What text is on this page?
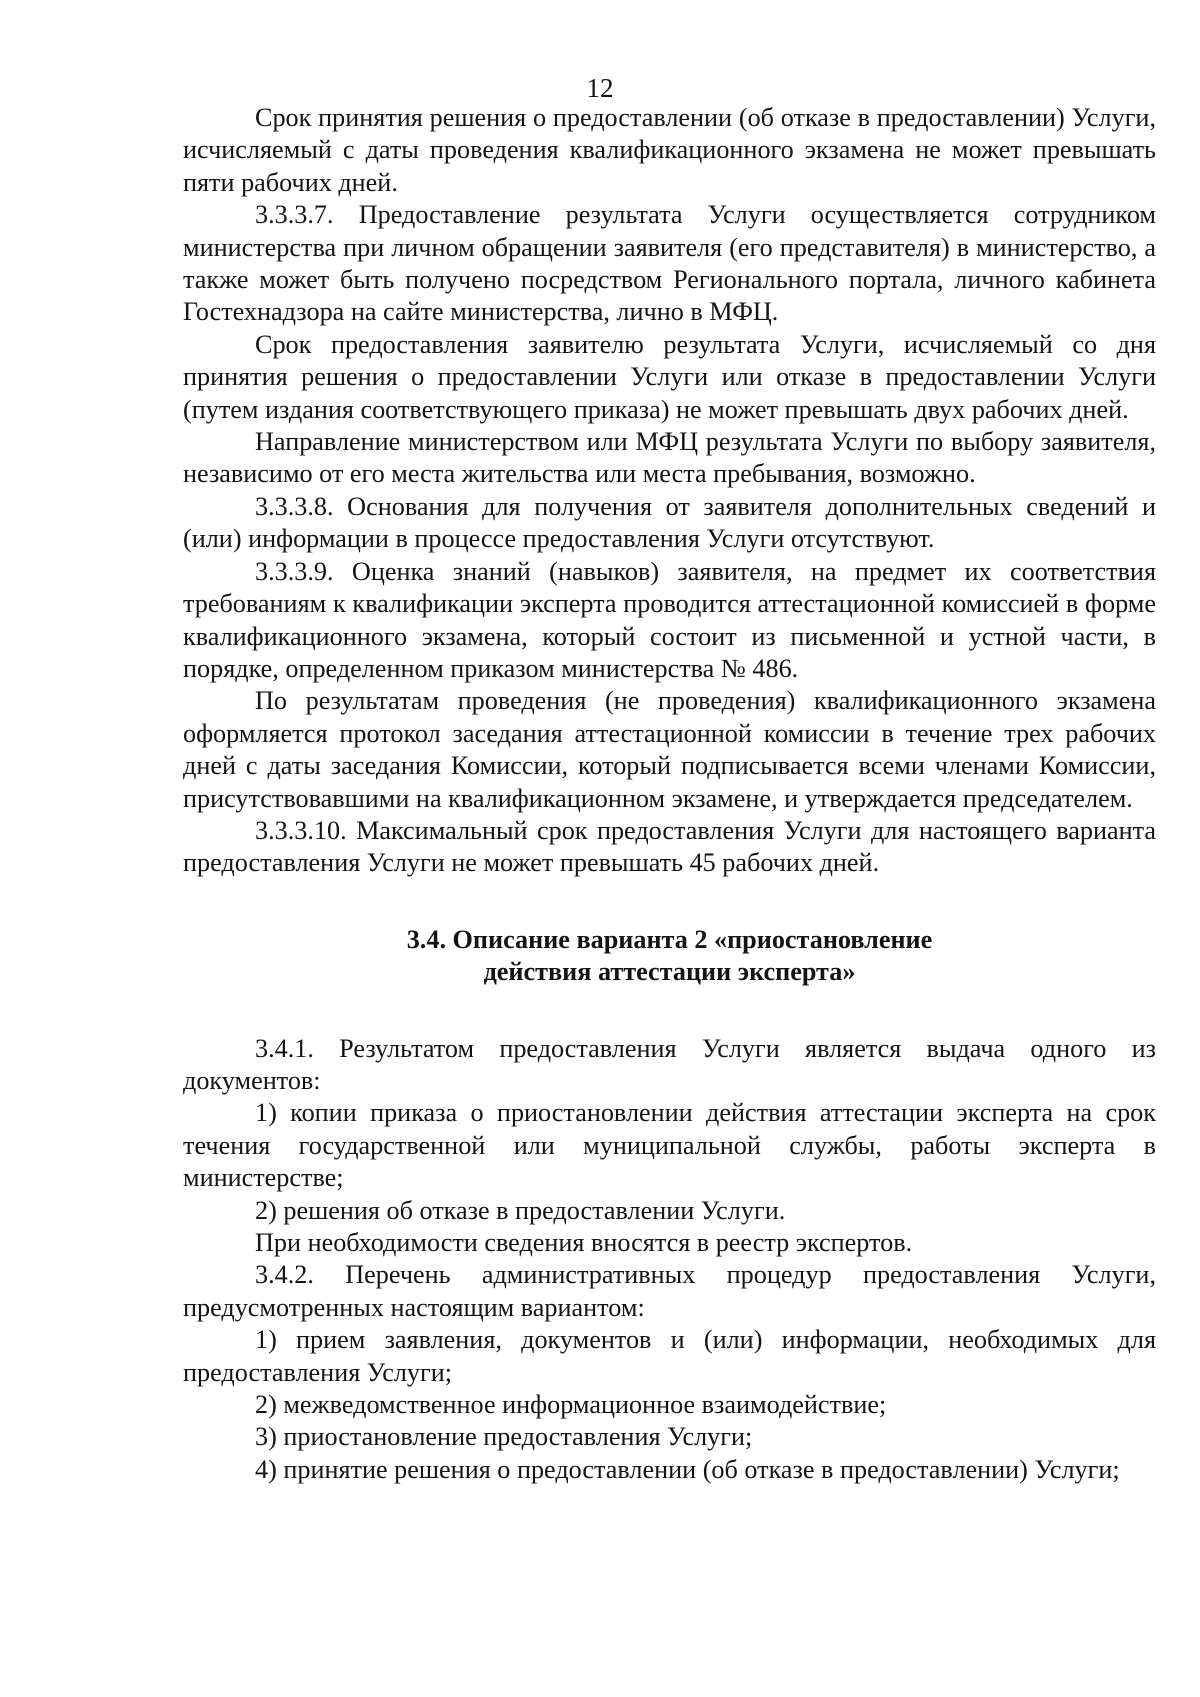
12

Срок принятия решения о предоставлении (об отказе в предоставлении) Услуги, исчисляемый с даты проведения квалификационного экзамена не может превышать пяти рабочих дней.

3.3.3.7. Предоставление результата Услуги осуществляется сотрудником министерства при личном обращении заявителя (его представителя) в министерство, а также может быть получено посредством Регионального портала, личного кабинета Гостехнадзора на сайте министерства, лично в МФЦ.

Срок предоставления заявителю результата Услуги, исчисляемый со дня принятия решения о предоставлении Услуги или отказе в предоставлении Услуги (путем издания соответствующего приказа) не может превышать двух рабочих дней.

Направление министерством или МФЦ результата Услуги по выбору заявителя, независимо от его места жительства или места пребывания, возможно.

3.3.3.8. Основания для получения от заявителя дополнительных сведений и (или) информации в процессе предоставления Услуги отсутствуют.

3.3.3.9. Оценка знаний (навыков) заявителя, на предмет их соответствия требованиям к квалификации эксперта проводится аттестационной комиссией в форме квалификационного экзамена, который состоит из письменной и устной части, в порядке, определенном приказом министерства № 486.

По результатам проведения (не проведения) квалификационного экзамена оформляется протокол заседания аттестационной комиссии в течение трех рабочих дней с даты заседания Комиссии, который подписывается всеми членами Комиссии, присутствовавшими на квалификационном экзамене, и утверждается председателем.

3.3.3.10. Максимальный срок предоставления Услуги для настоящего варианта предоставления Услуги не может превышать 45 рабочих дней.

3.4. Описание варианта 2 «приостановление
действия аттестации эксперта»

3.4.1. Результатом предоставления Услуги является выдача одного из документов:

1) копии приказа о приостановлении действия аттестации эксперта на срок течения государственной или муниципальной службы, работы эксперта в министерстве;

2) решения об отказе в предоставлении Услуги.

При необходимости сведения вносятся в реестр экспертов.

3.4.2. Перечень административных процедур предоставления Услуги, предусмотренных настоящим вариантом:

1) прием заявления, документов и (или) информации, необходимых для предоставления Услуги;

2) межведомственное информационное взаимодействие;

3) приостановление предоставления Услуги;

4) принятие решения о предоставлении (об отказе в предоставлении) Услуги;
